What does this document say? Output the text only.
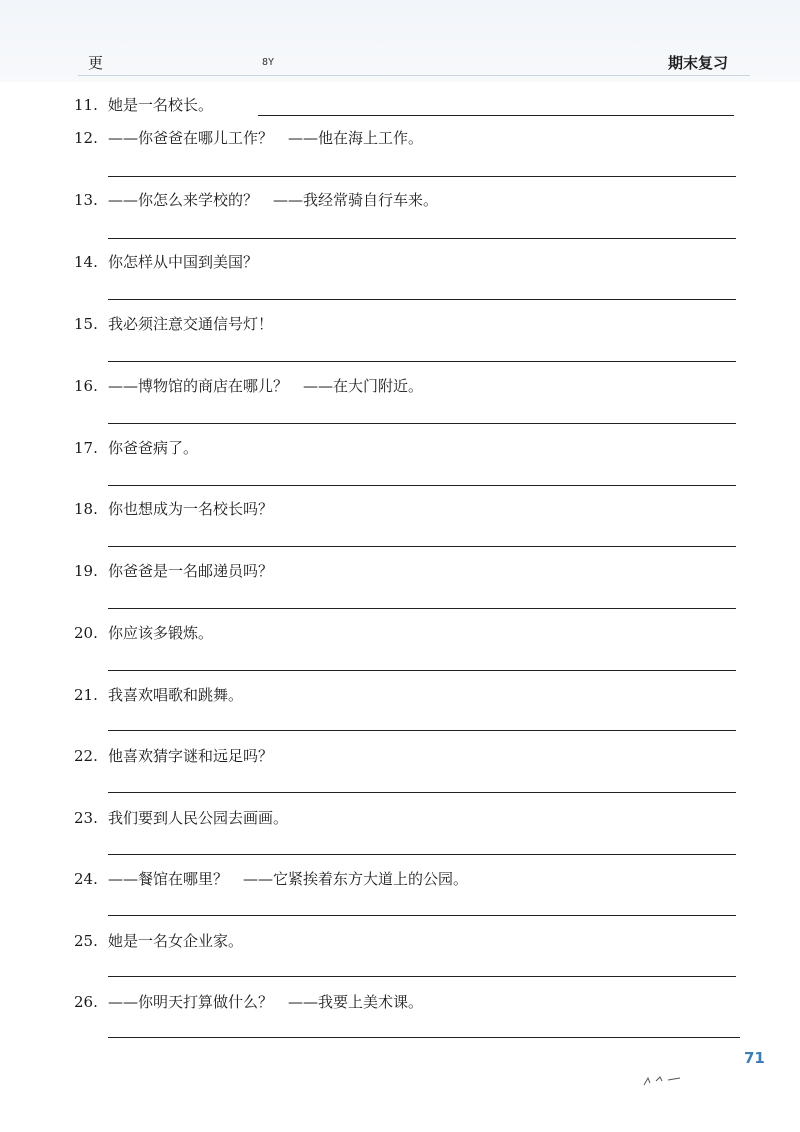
更	8Y	期末复习
11. 她是一名校长。
12. ——你爸爸在哪儿工作？　——他在海上工作。
13. ——你怎么来学校的？　——我经常骑自行车来。
14. 你怎样从中国到美国？
15. 我必须注意交通信号灯！
16. ——博物馆的商店在哪儿？　——在大门附近。
17. 你爸爸病了。
18. 你也想成为一名校长吗？
19. 你爸爸是一名邮递员吗？
20. 你应该多锻炼。
21. 我喜欢唱歌和跳舞。
22. 他喜欢猜字谜和远足吗？
23. 我们要到人民公园去画画。
24. ——餐馆在哪里？　——它紧挨着东方大道上的公园。
25. 她是一名女企业家。
26. ——你明天打算做什么？　——我要上美术课。
71
